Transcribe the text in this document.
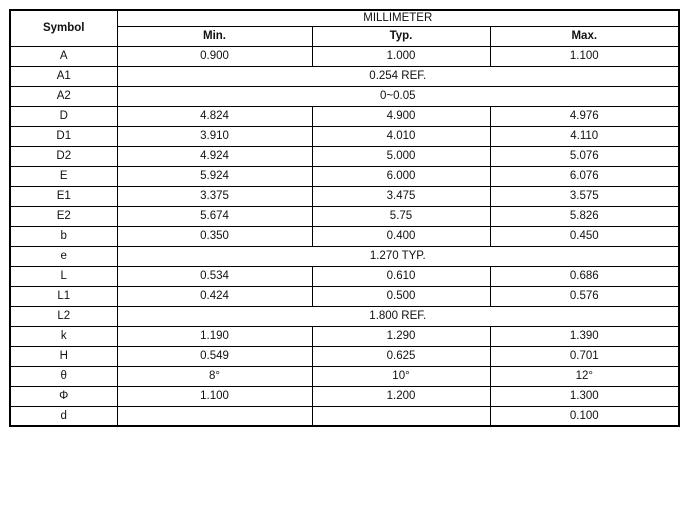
Symbol	MILLIMETER		
	Min.	Typ.	Max.
A	0.900	1.000	1.100
A1	0.254 REF.		
A2	0~0.05		
D	4.824	4.900	4.976
D1	3.910	4.010	4.110
D2	4.924	5.000	5.076
E	5.924	6.000	6.076
E1	3.375	3.475	3.575
E2	5.674	5.75	5.826
b	0.350	0.400	0.450
e	1.270 TYP.		
L	0.534	0.610	0.686
L1	0.424	0.500	0.576
L2	1.800 REF.		
k	1.190	1.290	1.390
H	0.549	0.625	0.701
θ	8°	10°	12°
Φ	1.100	1.200	1.300
d			0.100
